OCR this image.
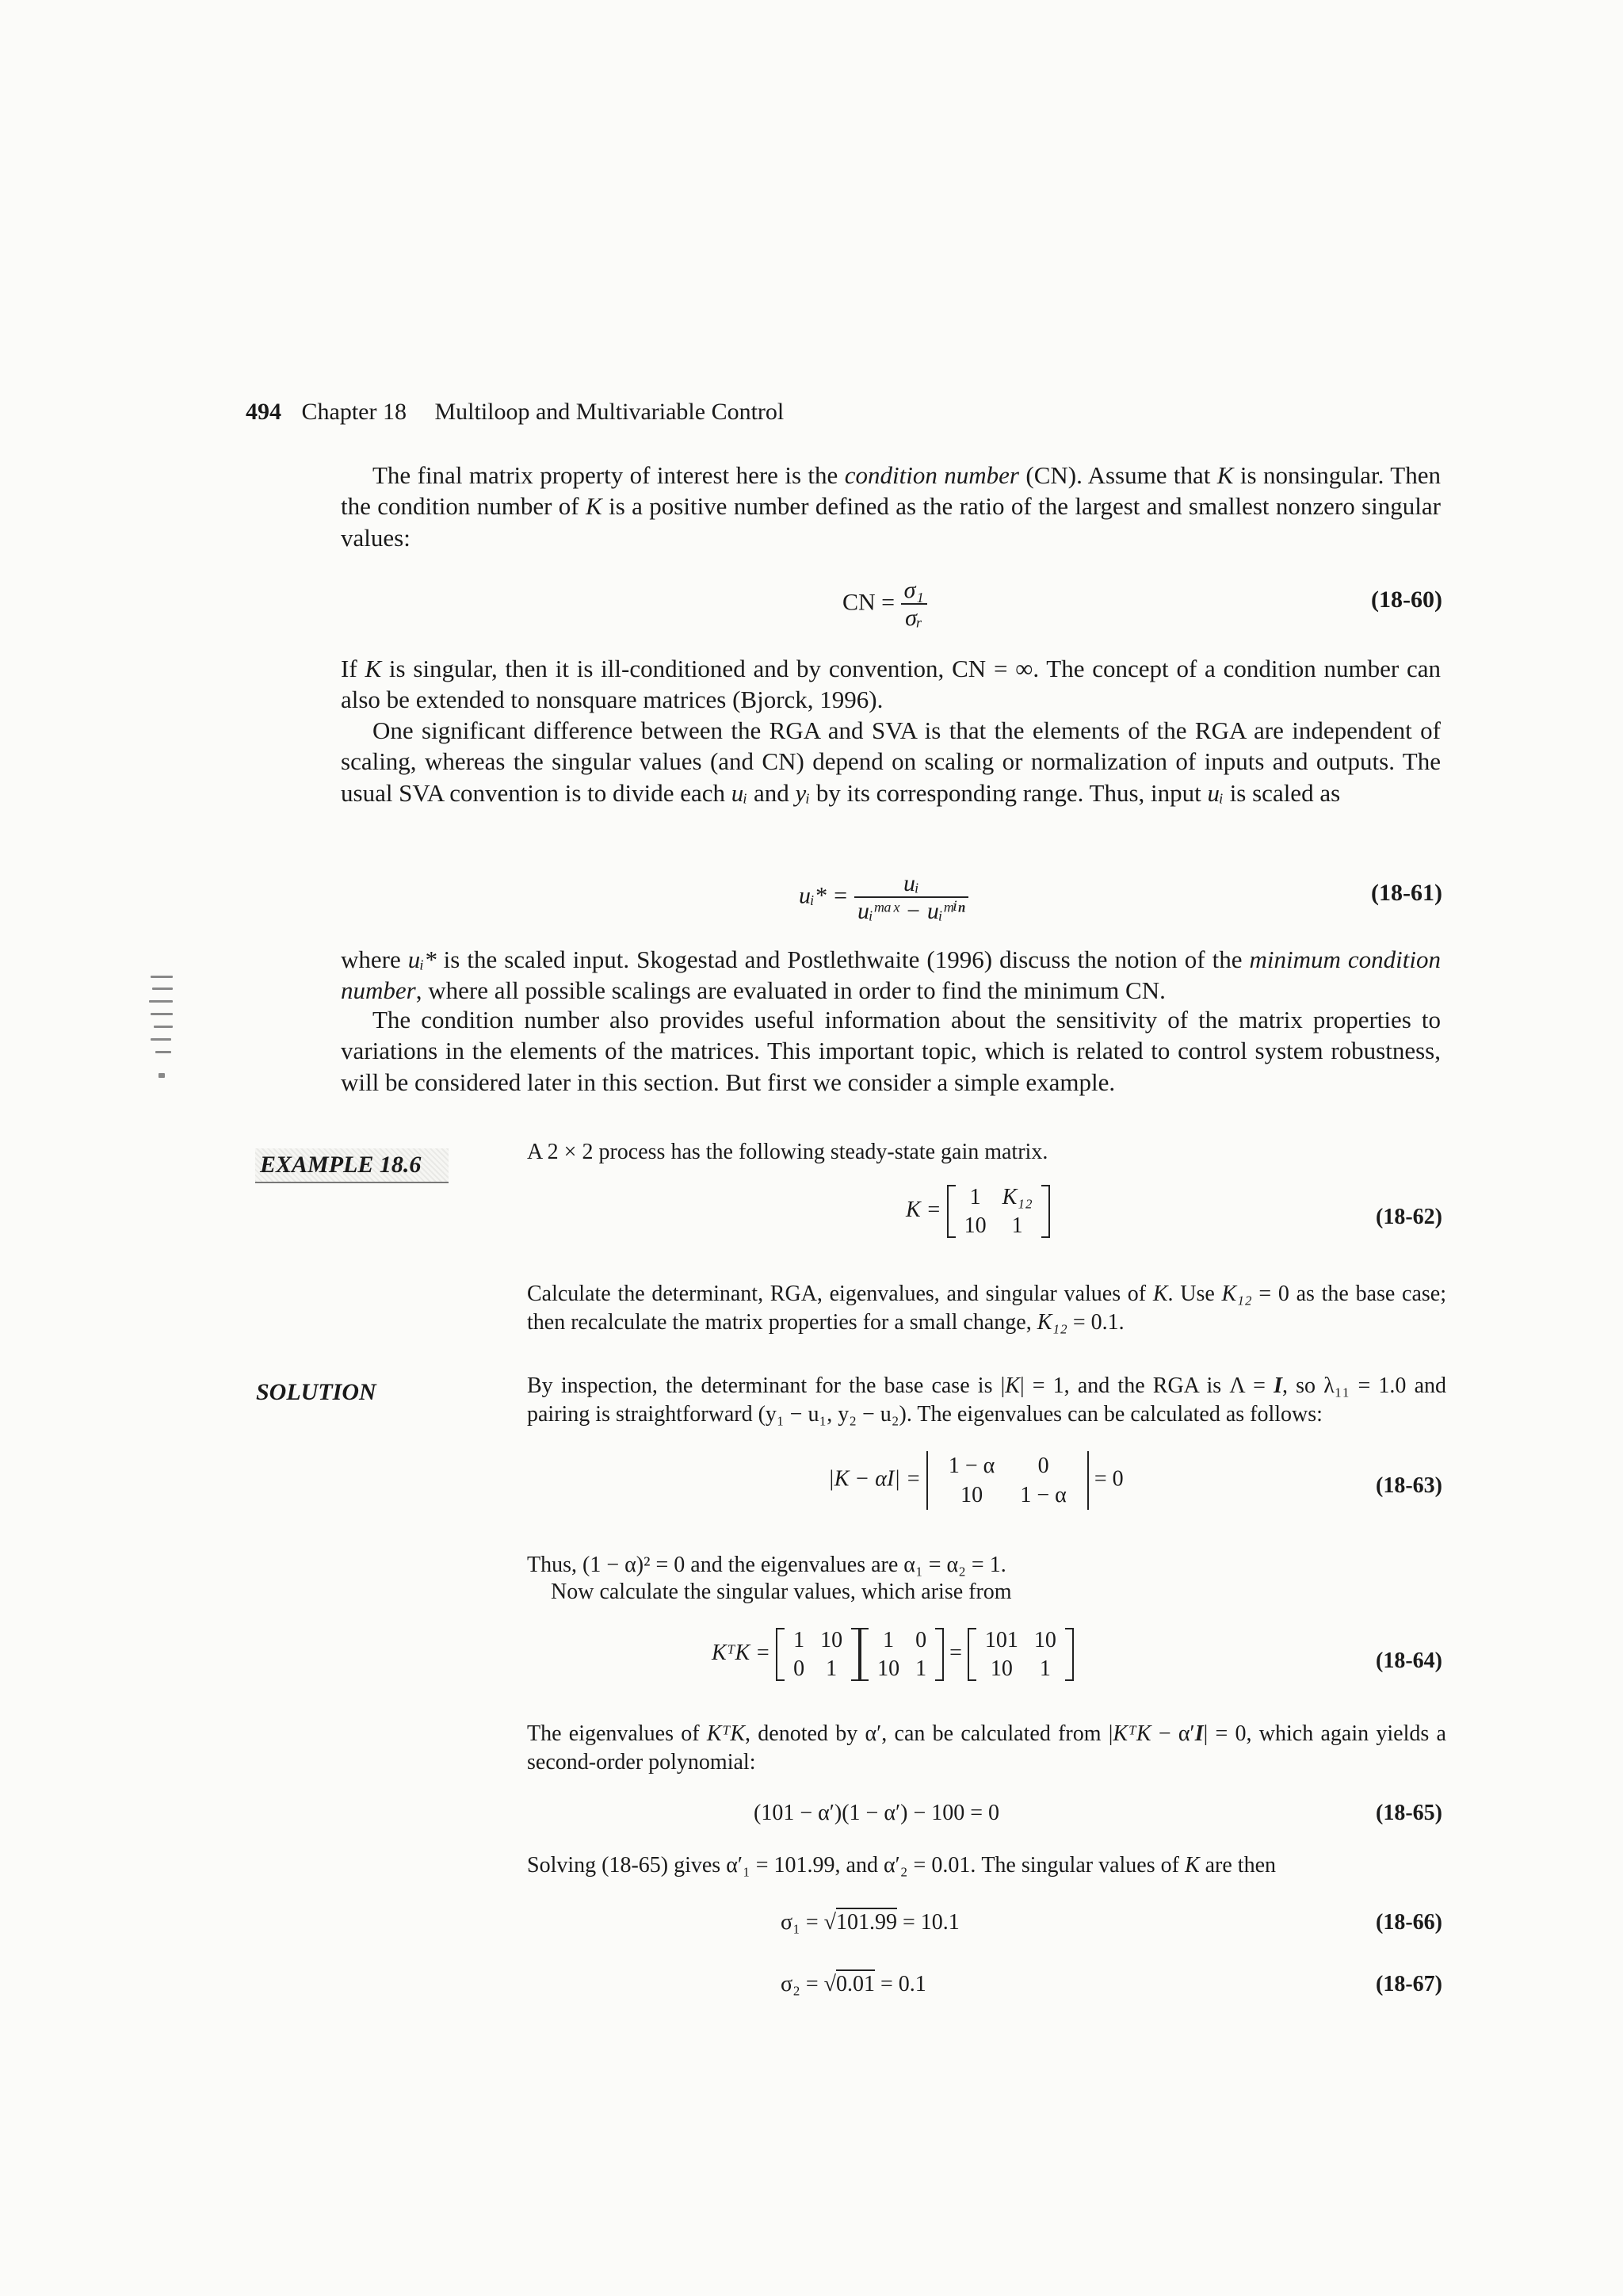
494 Chapter 18 Multiloop and Multivariable Control
The final matrix property of interest here is the condition number (CN). Assume that K is nonsingular. Then the condition number of K is a positive number defined as the ratio of the largest and smallest nonzero singular values:
CN = $\frac{\text{σ₁}}{\text{σᵣ}}$	(18-60)
If K is singular, then it is ill-conditioned and by convention, CN = ∞. The concept of a condition number can also be extended to nonsquare matrices (Bjorck, 1996).
One significant difference between the RGA and SVA is that the elements of the RGA are independent of scaling, whereas the singular values (and CN) depend on scaling or normalization of inputs and outputs. The usual SVA convention is to divide each uᵢ and yᵢ by its corresponding range. Thus, input uᵢ is scaled as
uᵢ* = $\frac{\text{uᵢ}}{\text{uᵢᵐᵃˣ − uᵢᵐⁱⁿ}}$	(18-61)
where uᵢ* is the scaled input. Skogestad and Postlethwaite (1996) discuss the notion of the minimum condition number, where all possible scalings are evaluated in order to find the minimum CN.
The condition number also provides useful information about the sensitivity of the matrix properties to variations in the elements of the matrices. This important topic, which is related to control system robustness, will be considered later in this section. But first we consider a simple example.
EXAMPLE 18.6	A 2 × 2 process has the following steady-state gain matrix.
K =
1	K₁₂
10	1	(18-62)
Calculate the determinant, RGA, eigenvalues, and singular values of K. Use K₁₂ = 0 as the base case; then recalculate the matrix properties for a small change, K₁₂ = 0.1.
SOLUTION	By inspection, the determinant for the base case is |K| = 1, and the RGA is Λ = I, so λ₁₁ = 1.0 and pairing is straightforward (y₁ − u₁, y₂ − u₂). The eigenvalues can be calculated as follows:
|K − αI| =
1 − α	0
10	1 − α
= 0	(18-63)
Thus, (1 − α)² = 0 and the eigenvalues are α₁ = α₂ = 1.
Now calculate the singular values, which arise from
KᵀK =
1	10
0	1
1	0
10	1
=
101	10
10	1	(18-64)
The eigenvalues of KᵀK, denoted by α′, can be calculated from |KᵀK − α′I| = 0, which again yields a second-order polynomial:
(101 − α′)(1 − α′) − 100 = 0	(18-65)
Solving (18-65) gives α′₁ = 101.99, and α′₂ = 0.01. The singular values of K are then
σ₁ = √101.99 = 10.1	(18-66)
σ₂ = √0.01 = 0.1	(18-67)
